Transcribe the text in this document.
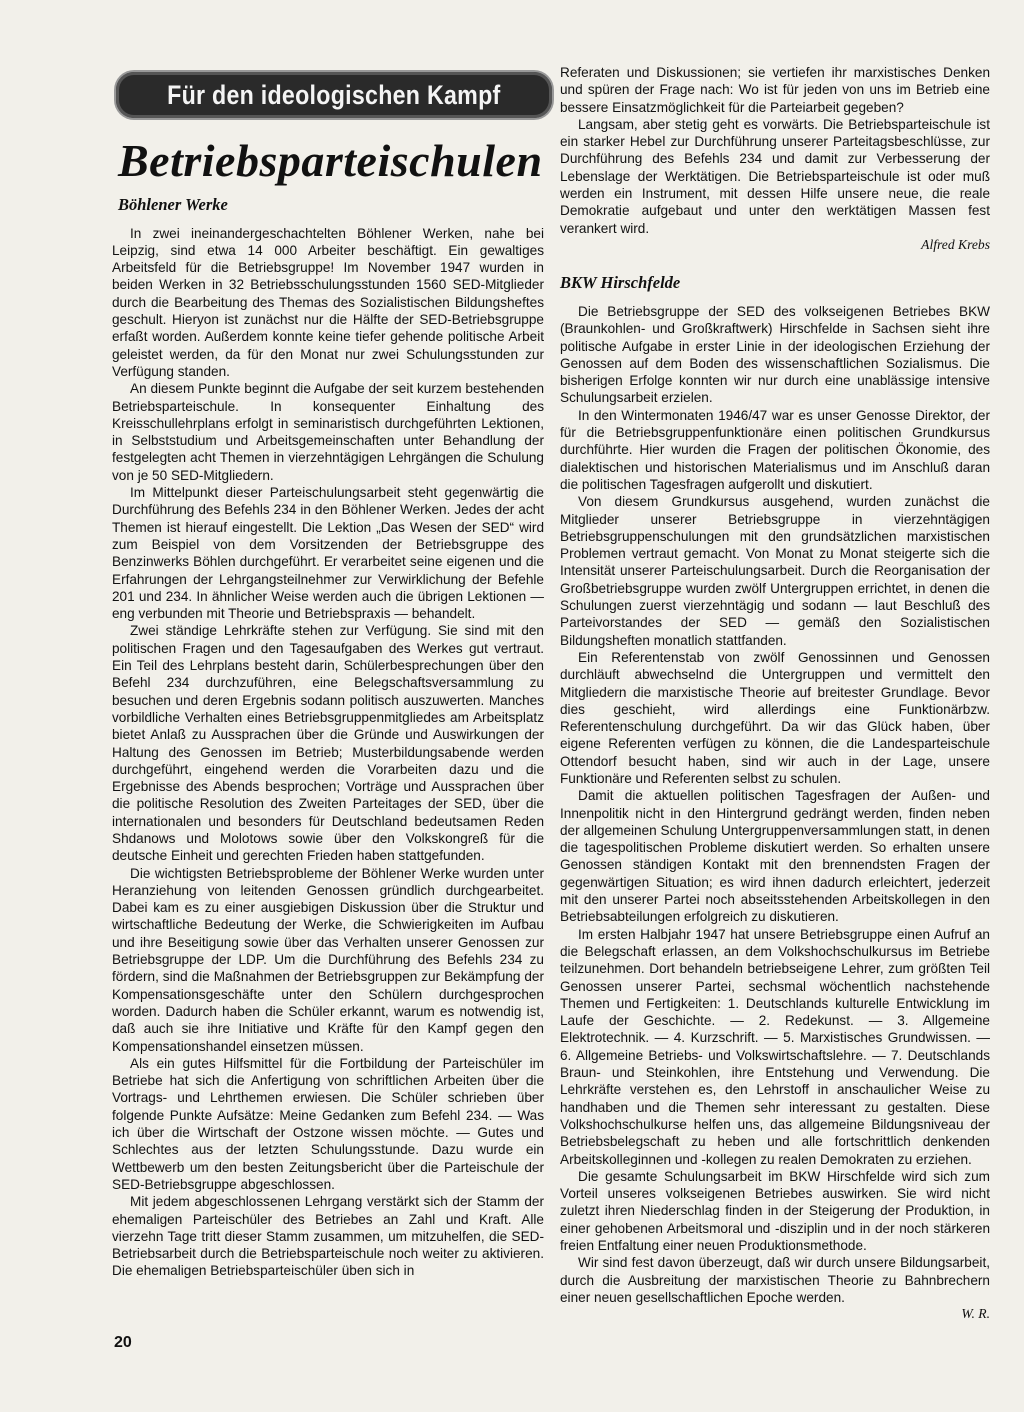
Für den ideologischen Kampf
Betriebsparteischulen
Böhlener Werke

In zwei ineinandergeschachtelten Böhlener Werken, nahe bei Leipzig, sind etwa 14 000 Arbeiter beschäftigt. Ein gewaltiges Arbeitsfeld für die Betriebsgruppe! Im November 1947 wurden in beiden Werken in 32 Betriebsschulungsstunden 1560 SED-Mitglieder durch die Bearbeitung des Themas des Sozialistischen Bildungsheftes geschult. Hieryon ist zunächst nur die Hälfte der SED-Betriebsgruppe erfaßt worden. Außerdem konnte keine tiefer gehende politische Arbeit geleistet werden, da für den Monat nur zwei Schulungsstunden zur Verfügung standen.

An diesem Punkte beginnt die Aufgabe der seit kurzem bestehenden Betriebsparteischule. In konsequenter Einhaltung des Kreisschullehrplans erfolgt in seminaristisch durchgeführten Lektionen, in Selbststudium und Arbeitsgemeinschaften unter Behandlung der festgelegten acht Themen in vierzehntägigen Lehrgängen die Schulung von je 50 SED-Mitgliedern.

Im Mittelpunkt dieser Parteischulungsarbeit steht gegenwärtig die Durchführung des Befehls 234 in den Böhlener Werken. Jedes der acht Themen ist hierauf eingestellt. Die Lektion „Das Wesen der SED“ wird zum Beispiel von dem Vorsitzenden der Betriebsgruppe des Benzinwerks Böhlen durchgeführt. Er verarbeitet seine eigenen und die Erfahrungen der Lehrgangsteilnehmer zur Verwirklichung der Befehle 201 und 234. In ähnlicher Weise werden auch die übrigen Lektionen — eng verbunden mit Theorie und Betriebspraxis — behandelt.

Zwei ständige Lehrkräfte stehen zur Verfügung. Sie sind mit den politischen Fragen und den Tagesaufgaben des Werkes gut vertraut. Ein Teil des Lehrplans besteht darin, Schülerbesprechungen über den Befehl 234 durchzuführen, eine Belegschaftsversammlung zu besuchen und deren Ergebnis sodann politisch auszuwerten. Manches vorbildliche Verhalten eines Betriebsgruppenmitgliedes am Arbeitsplatz bietet Anlaß zu Aussprachen über die Gründe und Auswirkungen der Haltung des Genossen im Betrieb; Musterbildungsabende werden durchgeführt, eingehend werden die Vorarbeiten dazu und die Ergebnisse des Abends besprochen; Vorträge und Aussprachen über die politische Resolution des Zweiten Parteitages der SED, über die internationalen und besonders für Deutschland bedeutsamen Reden Shdanows und Molotows sowie über den Volkskongreß für die deutsche Einheit und gerechten Frieden haben stattgefunden.

Die wichtigsten Betriebsprobleme der Böhlener Werke wurden unter Heranziehung von leitenden Genossen gründlich durchgearbeitet. Dabei kam es zu einer ausgiebigen Diskussion über die Struktur und wirtschaftliche Bedeutung der Werke, die Schwierigkeiten im Aufbau und ihre Beseitigung sowie über das Verhalten unserer Genossen zur Betriebsgruppe der LDP. Um die Durchführung des Befehls 234 zu fördern, sind die Maßnahmen der Betriebsgruppen zur Bekämpfung der Kompensationsgeschäfte unter den Schülern durchgesprochen worden. Dadurch haben die Schüler erkannt, warum es notwendig ist, daß auch sie ihre Initiative und Kräfte für den Kampf gegen den Kompensationshandel einsetzen müssen.

Als ein gutes Hilfsmittel für die Fortbildung der Parteischüler im Betriebe hat sich die Anfertigung von schriftlichen Arbeiten über die Vortrags- und Lehrthemen erwiesen. Die Schüler schrieben über folgende Punkte Aufsätze: Meine Gedanken zum Befehl 234. — Was ich über die Wirtschaft der Ostzone wissen möchte. — Gutes und Schlechtes aus der letzten Schulungsstunde. Dazu wurde ein Wettbewerb um den besten Zeitungsbericht über die Parteischule der SED-Betriebsgruppe abgeschlossen.

Mit jedem abgeschlossenen Lehrgang verstärkt sich der Stamm der ehemaligen Parteischüler des Betriebes an Zahl und Kraft. Alle vierzehn Tage tritt dieser Stamm zusammen, um mitzuhelfen, die SED-Betriebsarbeit durch die Betriebsparteischule noch weiter zu aktivieren. Die ehemaligen Betriebsparteischüler üben sich in

Referaten und Diskussionen; sie vertiefen ihr marxistisches Denken und spüren der Frage nach: Wo ist für jeden von uns im Betrieb eine bessere Einsatzmöglichkeit für die Parteiarbeit gegeben?

Langsam, aber stetig geht es vorwärts. Die Betriebsparteischule ist ein starker Hebel zur Durchführung unserer Parteitagsbeschlüsse, zur Durchführung des Befehls 234 und damit zur Verbesserung der Lebenslage der Werktätigen. Die Betriebsparteischule ist oder muß werden ein Instrument, mit dessen Hilfe unsere neue, die reale Demokratie aufgebaut und unter den werktätigen Massen fest verankert wird.

Alfred Krebs
BKW Hirschfelde

Die Betriebsgruppe der SED des volkseigenen Betriebes BKW (Braunkohlen- und Großkraftwerk) Hirschfelde in Sachsen sieht ihre politische Aufgabe in erster Linie in der ideologischen Erziehung der Genossen auf dem Boden des wissenschaftlichen Sozialismus. Die bisherigen Erfolge konnten wir nur durch eine unablässige intensive Schulungsarbeit erzielen.

In den Wintermonaten 1946/47 war es unser Genosse Direktor, der für die Betriebsgruppenfunktionäre einen politischen Grundkursus durchführte. Hier wurden die Fragen der politischen Ökonomie, des dialektischen und historischen Materialismus und im Anschluß daran die politischen Tagesfragen aufgerollt und diskutiert.

Von diesem Grundkursus ausgehend, wurden zunächst die Mitglieder unserer Betriebsgruppe in vierzehntägigen Betriebsgruppenschulungen mit den grundsätzlichen marxistischen Problemen vertraut gemacht. Von Monat zu Monat steigerte sich die Intensität unserer Parteischulungsarbeit. Durch die Reorganisation der Großbetriebsgruppe wurden zwölf Untergruppen errichtet, in denen die Schulungen zuerst vierzehntägig und sodann — laut Beschluß des Parteivorstandes der SED — gemäß den Sozialistischen Bildungsheften monatlich stattfanden.

Ein Referentenstab von zwölf Genossinnen und Genossen durchläuft abwechselnd die Untergruppen und vermittelt den Mitgliedern die marxistische Theorie auf breitester Grundlage. Bevor dies geschieht, wird allerdings eine Funktionärbzw. Referentenschulung durchgeführt. Da wir das Glück haben, über eigene Referenten verfügen zu können, die die Landesparteischule Ottendorf besucht haben, sind wir auch in der Lage, unsere Funktionäre und Referenten selbst zu schulen.

Damit die aktuellen politischen Tagesfragen der Außen- und Innenpolitik nicht in den Hintergrund gedrängt werden, finden neben der allgemeinen Schulung Untergruppenversammlungen statt, in denen die tagespolitischen Probleme diskutiert werden. So erhalten unsere Genossen ständigen Kontakt mit den brennendsten Fragen der gegenwärtigen Situation; es wird ihnen dadurch erleichtert, jederzeit mit den unserer Partei noch abseitsstehenden Arbeitskollegen in den Betriebsabteilungen erfolgreich zu diskutieren.

Im ersten Halbjahr 1947 hat unsere Betriebsgruppe einen Aufruf an die Belegschaft erlassen, an dem Volkshochschulkursus im Betriebe teilzunehmen. Dort behandeln betriebseigene Lehrer, zum größten Teil Genossen unserer Partei, sechsmal wöchentlich nachstehende Themen und Fertigkeiten: 1. Deutschlands kulturelle Entwicklung im Laufe der Geschichte. — 2. Redekunst. — 3. Allgemeine Elektrotechnik. — 4. Kurzschrift. — 5. Marxistisches Grundwissen. — 6. Allgemeine Betriebs- und Volkswirtschaftslehre. — 7. Deutschlands Braun- und Steinkohlen, ihre Entstehung und Verwendung. Die Lehrkräfte verstehen es, den Lehrstoff in anschaulicher Weise zu handhaben und die Themen sehr interessant zu gestalten. Diese Volkshochschulkurse helfen uns, das allgemeine Bildungsniveau der Betriebsbelegschaft zu heben und alle fortschrittlich denkenden Arbeitskolleginnen und -kollegen zu realen Demokraten zu erziehen.

Die gesamte Schulungsarbeit im BKW Hirschfelde wird sich zum Vorteil unseres volkseigenen Betriebes auswirken. Sie wird nicht zuletzt ihren Niederschlag finden in der Steigerung der Produktion, in einer gehobenen Arbeitsmoral und -disziplin und in der noch stärkeren freien Entfaltung einer neuen Produktionsmethode.

Wir sind fest davon überzeugt, daß wir durch unsere Bildungsarbeit, durch die Ausbreitung der marxistischen Theorie zu Bahnbrechern einer neuen gesellschaftlichen Epoche werden.

W. R.
20
